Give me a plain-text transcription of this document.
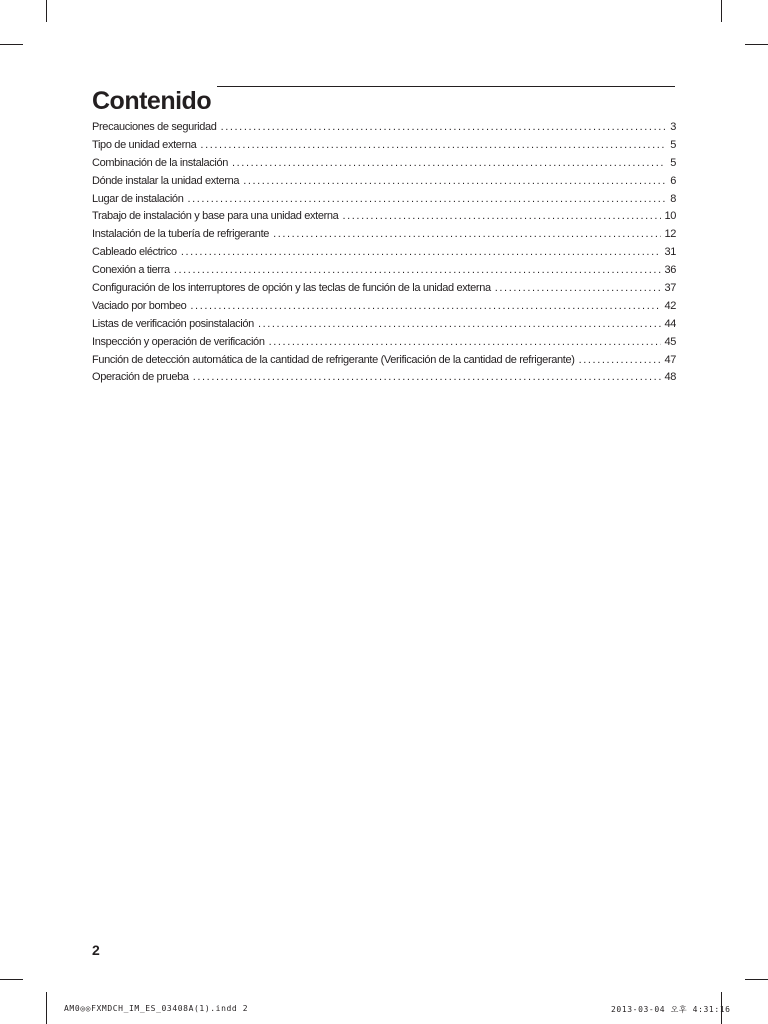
Contenido
Precauciones de seguridad .....	3
Tipo de unidad externa .....	5
Combinación de la instalación .....	5
Dónde instalar la unidad externa .....	6
Lugar de instalación .....	8
Trabajo de instalación y base para una unidad externa .....	10
Instalación de la tubería de refrigerante .....	12
Cableado eléctrico .....	31
Conexión a tierra .....	36
Configuración de los interruptores de opción y las teclas de función de la unidad externa .....	37
Vaciado por bombeo .....	42
Listas de verificación posinstalación .....	44
Inspección y operación de verificación .....	45
Función de detección automática de la cantidad de refrigerante (Verificación de la cantidad de refrigerante) .....	47
Operación de prueba .....	48
2
AM0◎◎FXMDCH_IM_ES_03408A(1).indd 2	2013-03-04 오후 4:31:16
